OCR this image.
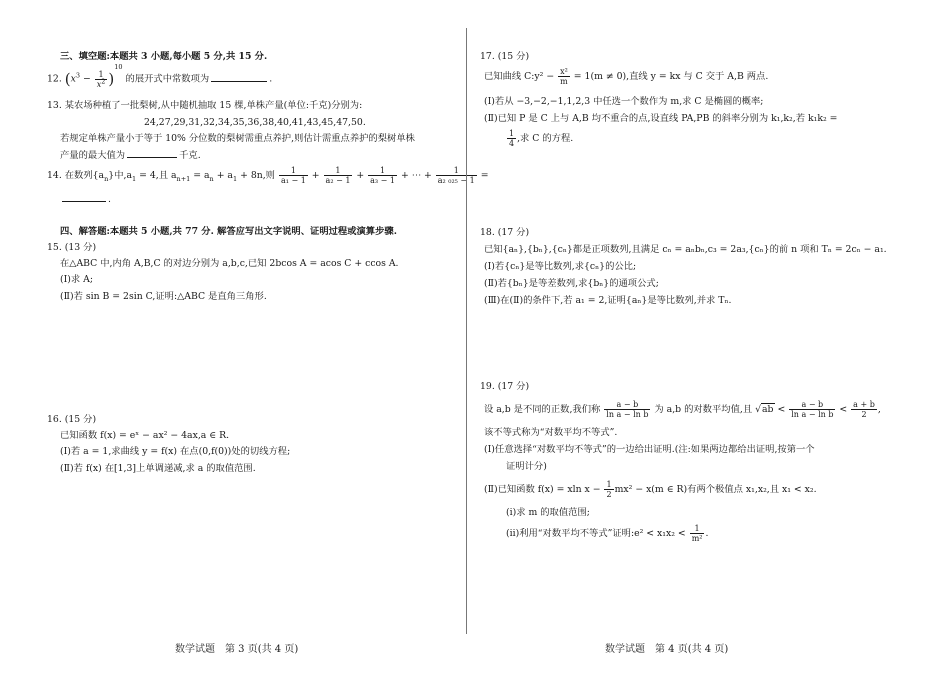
三、填空题:本题共 3 小题,每小题 5 分,共 15 分.
12. $(x^3 - \frac{1}{x^2} )^{10}$ 的展开式中常数项为	.
13. 某农场种植了一批梨树,从中随机抽取 15 棵,单株产量(单位:千克)分别为:
24,27,29,31,32,34,35,36,38,40,41,43,45,47,50.
若规定单株产量小于等于 10% 分位数的梨树需重点养护,则估计需重点养护的梨树单株
产量的最大值为	千克.
14. 在数列$\{a_n\}$中$,a_1 = 4$,且 $a_{n+1} = a_n + a_1 + 8n$,则 $\frac{1}{\text{a₁ − 1}} + \frac{1}{\text{a₂ − 1}} + \frac{1}{\text{a₃ − 1}}$ + ⋯ + $\frac{1}{\text{a₂ ₀₂₅ − 1}}$ =
.
四、解答题:本题共 5 小题,共 77 分. 解答应写出文字说明、证明过程或演算步骤.
15. (13 分)
在△ABC 中,内角 A,B,C 的对边分别为 a,b,c,已知 2bcos A = acos C + ccos A.
(Ⅰ)求 A;
(Ⅱ)若 sin B = 2sin C,证明:△ABC 是直角三角形.
16. (15 分)
已知函数 f(x) = eˣ − ax² − 4ax,a ∈ R.
(Ⅰ)若 a = 1,求曲线 y = f(x) 在点(0,f(0))处的切线方程;
(Ⅱ)若 f(x) 在[1,3]上单调递减,求 a 的取值范围.
数学试题　第 3 页(共 4 页)
17. (15 分)
已知曲线 C:y² − $\frac{\text{x²}}{m} = 1(m \ne 0)$,直线 y = kx 与 C 交于 A,B 两点.
(Ⅰ)若从 −3,−2,−1,1,2,3 中任选一个数作为 m,求 C 是椭圆的概率;
(Ⅱ)已知 P 是 C 上与 A,B 均不重合的点,设直线 PA,PB 的斜率分别为 k₁,k₂,若 k₁k₂ =
$\frac{1}{4}$ ,求 C 的方程.
18. (17 分)
已知{aₙ},{bₙ},{cₙ}都是正项数列,且满足 cₙ = aₙbₙ,c₃ = 2a₃,{cₙ}的前 n 项和 Tₙ = 2cₙ − a₁.
(Ⅰ)若{cₙ}是等比数列,求{cₙ}的公比;
(Ⅱ)若{bₙ}是等差数列,求{bₙ}的通项公式;
(Ⅲ)在(Ⅱ)的条件下,若 a₁ = 2,证明{aₙ}是等比数列,并求 Tₙ.
19. (17 分)
设 a,b 是不同的正数,我们称 $\frac{a - b}{\text{ln a − ln b}}$ 为 a,b 的对数平均值,且 $√ab < \frac{a - b}{\text{ln a − ln b}} < \frac{a + b}{2}$ ,
该不等式称为“对数平均不等式”.
(Ⅰ)任意选择“对数平均不等式”的一边给出证明.(注:如果两边都给出证明,按第一个
证明计分)
(Ⅱ)已知函数 f(x) = xln $x - \frac{1}{2} mx^2 - x(m$ ∈ R)有两个极值点 x₁,x₂,且 x₁ < x₂.
(ⅰ)求 m 的取值范围;
(ⅱ)利用“对数平均不等式”证明:e² < $x_1x_2 < \frac{1}{\text{m²}}$ .
数学试题　第 4 页(共 4 页)
